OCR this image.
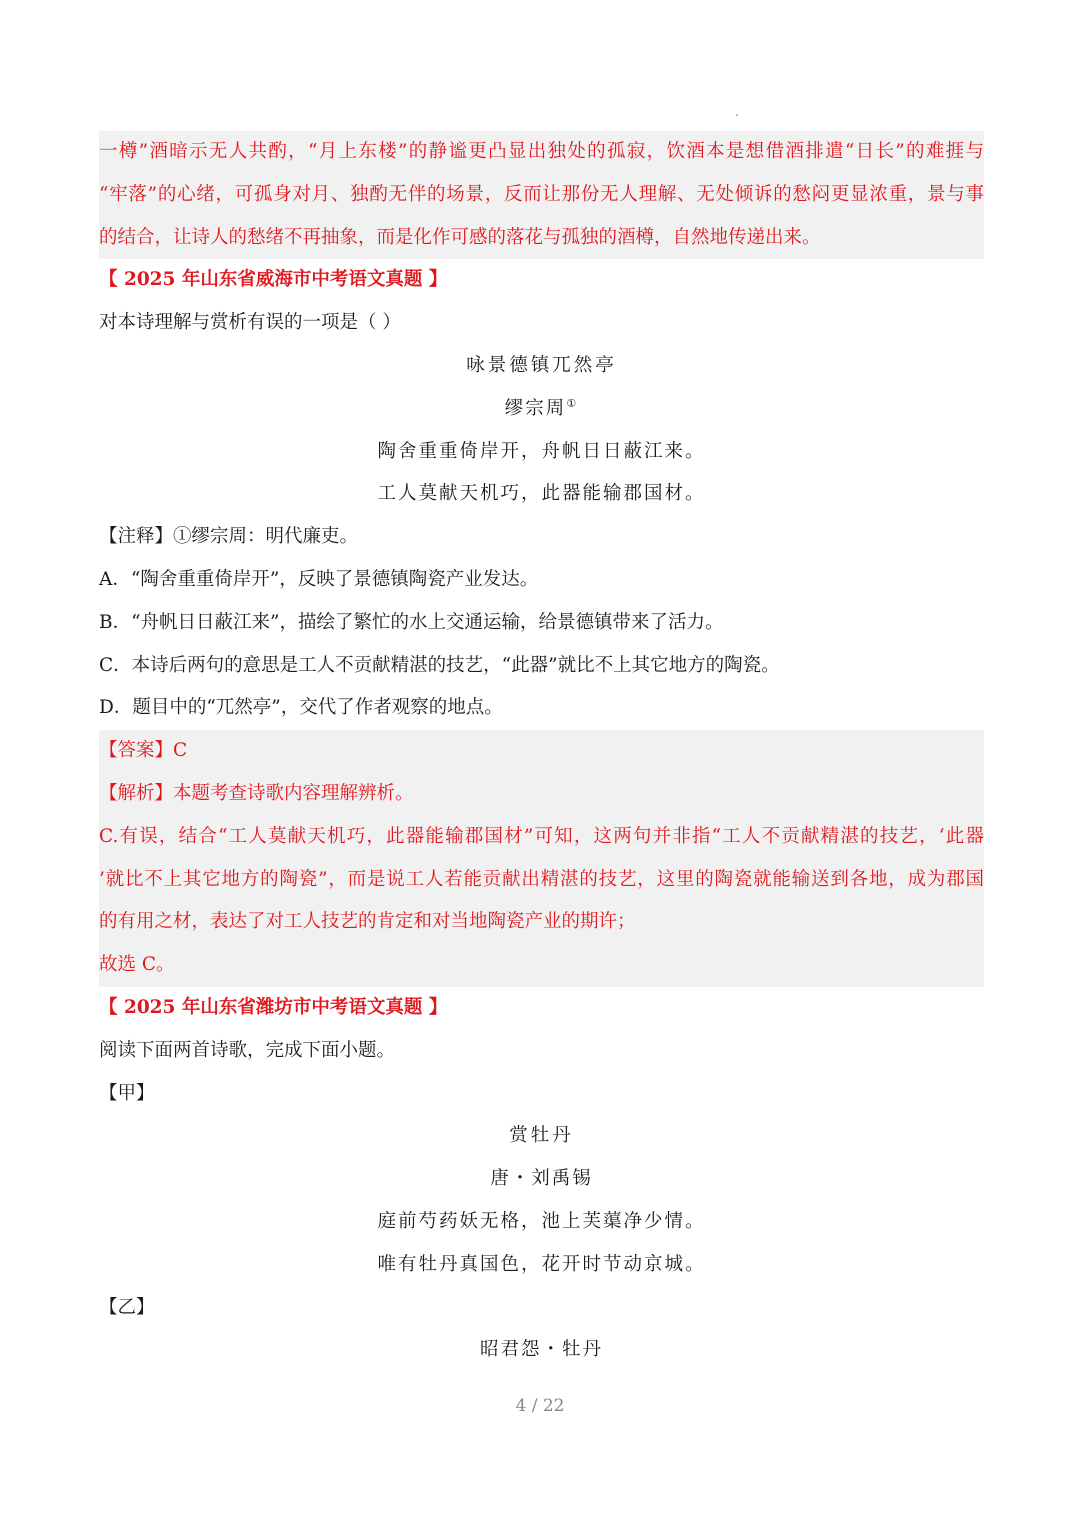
一樽”酒暗示无人共酌，“月上东楼”的静谧更凸显出独处的孤寂，饮酒本是想借酒排遣“日长”的难捱与
“牢落”的心绪，可孤身对月、独酌无伴的场景，反而让那份无人理解、无处倾诉的愁闷更显浓重，景与事
的结合，让诗人的愁绪不再抽象，而是化作可感的落花与孤独的酒樽，自然地传递出来。
【 2025 年山东省威海市中考语文真题 】
对本诗理解与赏析有误的一项是（ ）
咏景德镇兀然亭
缪宗周①
陶舍重重倚岸开，舟帆日日蔽江来。
工人莫献天机巧，此器能输郡国材。
【注释】①缪宗周：明代廉吏。
A．“陶舍重重倚岸开”，反映了景德镇陶瓷产业发达。
B．“舟帆日日蔽江来”，描绘了繁忙的水上交通运输，给景德镇带来了活力。
C．本诗后两句的意思是工人不贡献精湛的技艺，“此器”就比不上其它地方的陶瓷。
D．题目中的“兀然亭”，交代了作者观察的地点。
【答案】C
【解析】本题考查诗歌内容理解辨析。
C.有误，结合“工人莫献天机巧，此器能输郡国材”可知，这两句并非指“工人不贡献精湛的技艺，‘此器
’就比不上其它地方的陶瓷”，而是说工人若能贡献出精湛的技艺，这里的陶瓷就能输送到各地，成为郡国
的有用之材，表达了对工人技艺的肯定和对当地陶瓷产业的期许；
故选 C。
【 2025 年山东省潍坊市中考语文真题 】
阅读下面两首诗歌，完成下面小题。
【甲】
赏牡丹
唐・刘禹锡
庭前芍药妖无格，池上芙蕖净少情。
唯有牡丹真国色，花开时节动京城。
【乙】
昭君怨・牡丹
4 / 22
